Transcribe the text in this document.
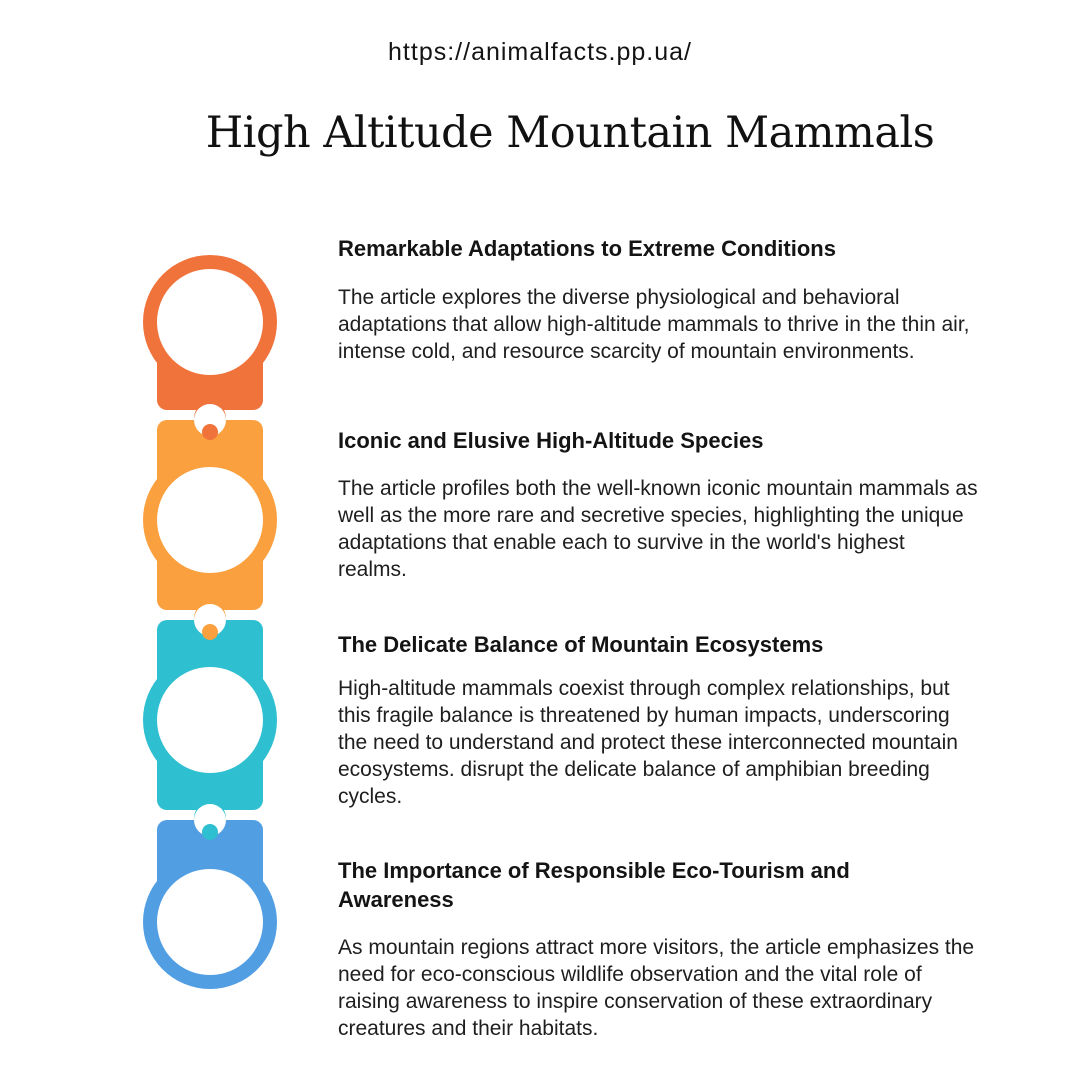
https://animalfacts.pp.ua/
High Altitude Mountain Mammals
Remarkable Adaptations to Extreme Conditions

The article explores the diverse physiological and behavioral adaptations that allow high-altitude mammals to thrive in the thin air, intense cold, and resource scarcity of mountain environments.

Iconic and Elusive High-Altitude Species

The article profiles both the well-known iconic mountain mammals as well as the more rare and secretive species, highlighting the unique adaptations that enable each to survive in the world's highest realms.

The Delicate Balance of Mountain Ecosystems

High-altitude mammals coexist through complex relationships, but this fragile balance is threatened by human impacts, underscoring the need to understand and protect these interconnected mountain ecosystems. disrupt the delicate balance of amphibian breeding cycles.

The Importance of Responsible Eco-Tourism and Awareness

As mountain regions attract more visitors, the article emphasizes the need for eco-conscious wildlife observation and the vital role of raising awareness to inspire conservation of these extraordinary creatures and their habitats.
